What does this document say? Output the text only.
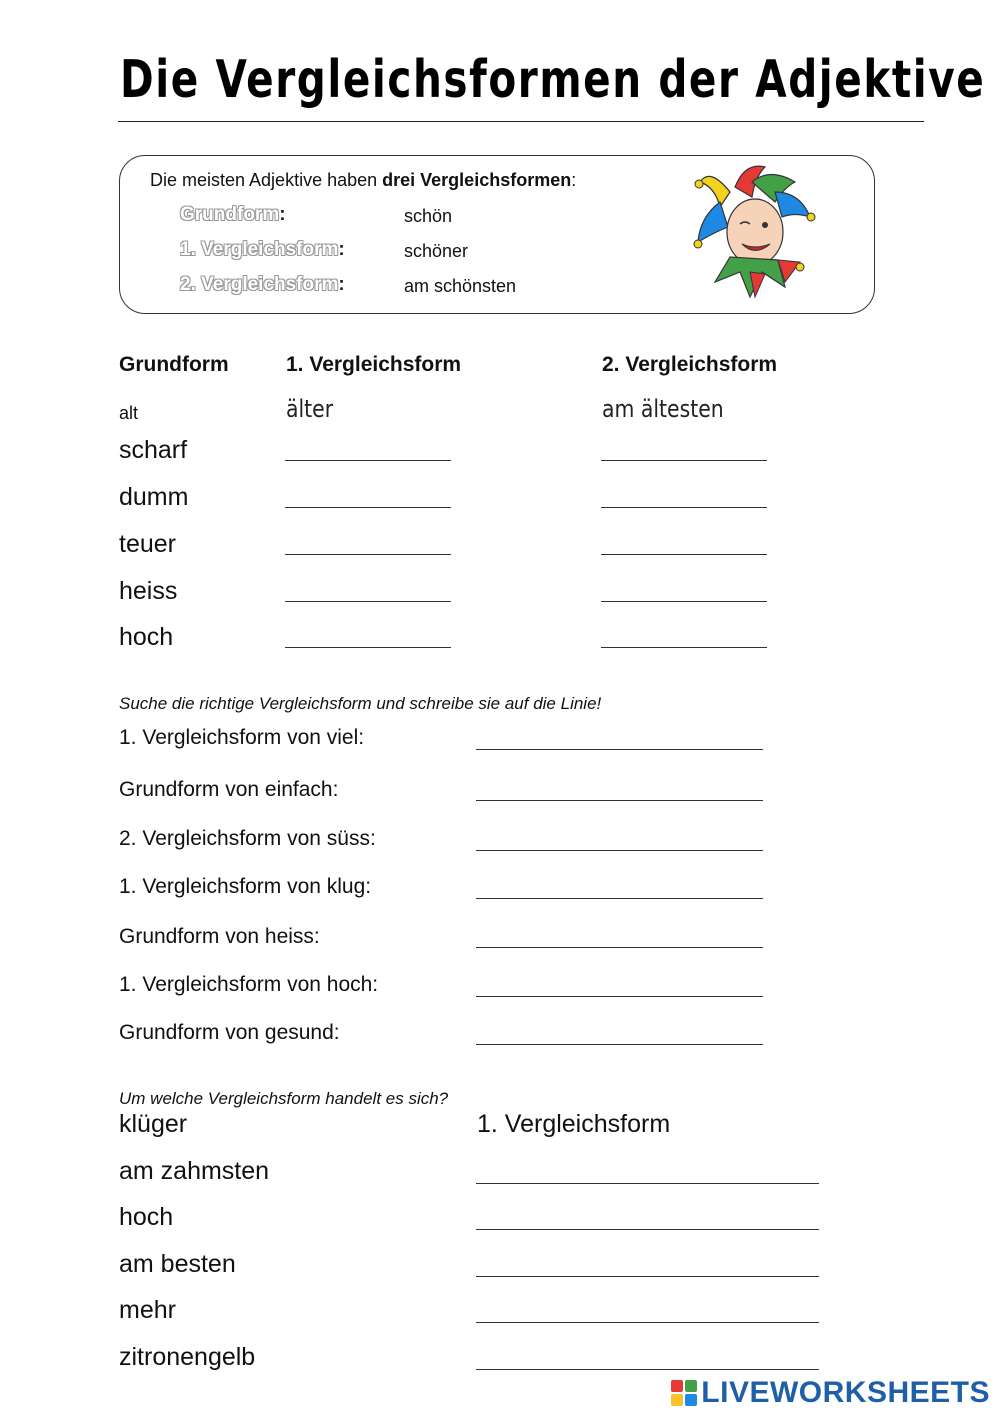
Die Vergleichsformen der Adjektive
Die meisten Adjektive haben drei Vergleichsformen:
Grundform:	schön
1. Vergleichsform:	schöner
2. Vergleichsform:	am schönsten
Grundform	1. Vergleichsform	2. Vergleichsform
alt	älter	am ältesten
scharf
dumm
teuer
heiss
hoch
Suche die richtige Vergleichsform und schreibe sie auf die Linie!
1. Vergleichsform von viel:
Grundform von einfach:
2. Vergleichsform von süss:
1. Vergleichsform von klug:
Grundform von heiss:
1. Vergleichsform von hoch:
Grundform von gesund:
Um welche Vergleichsform handelt es sich?
klüger	1. Vergleichsform
am zahmsten
hoch
am besten
mehr
zitronengelb
LIVEWORKSHEETS
